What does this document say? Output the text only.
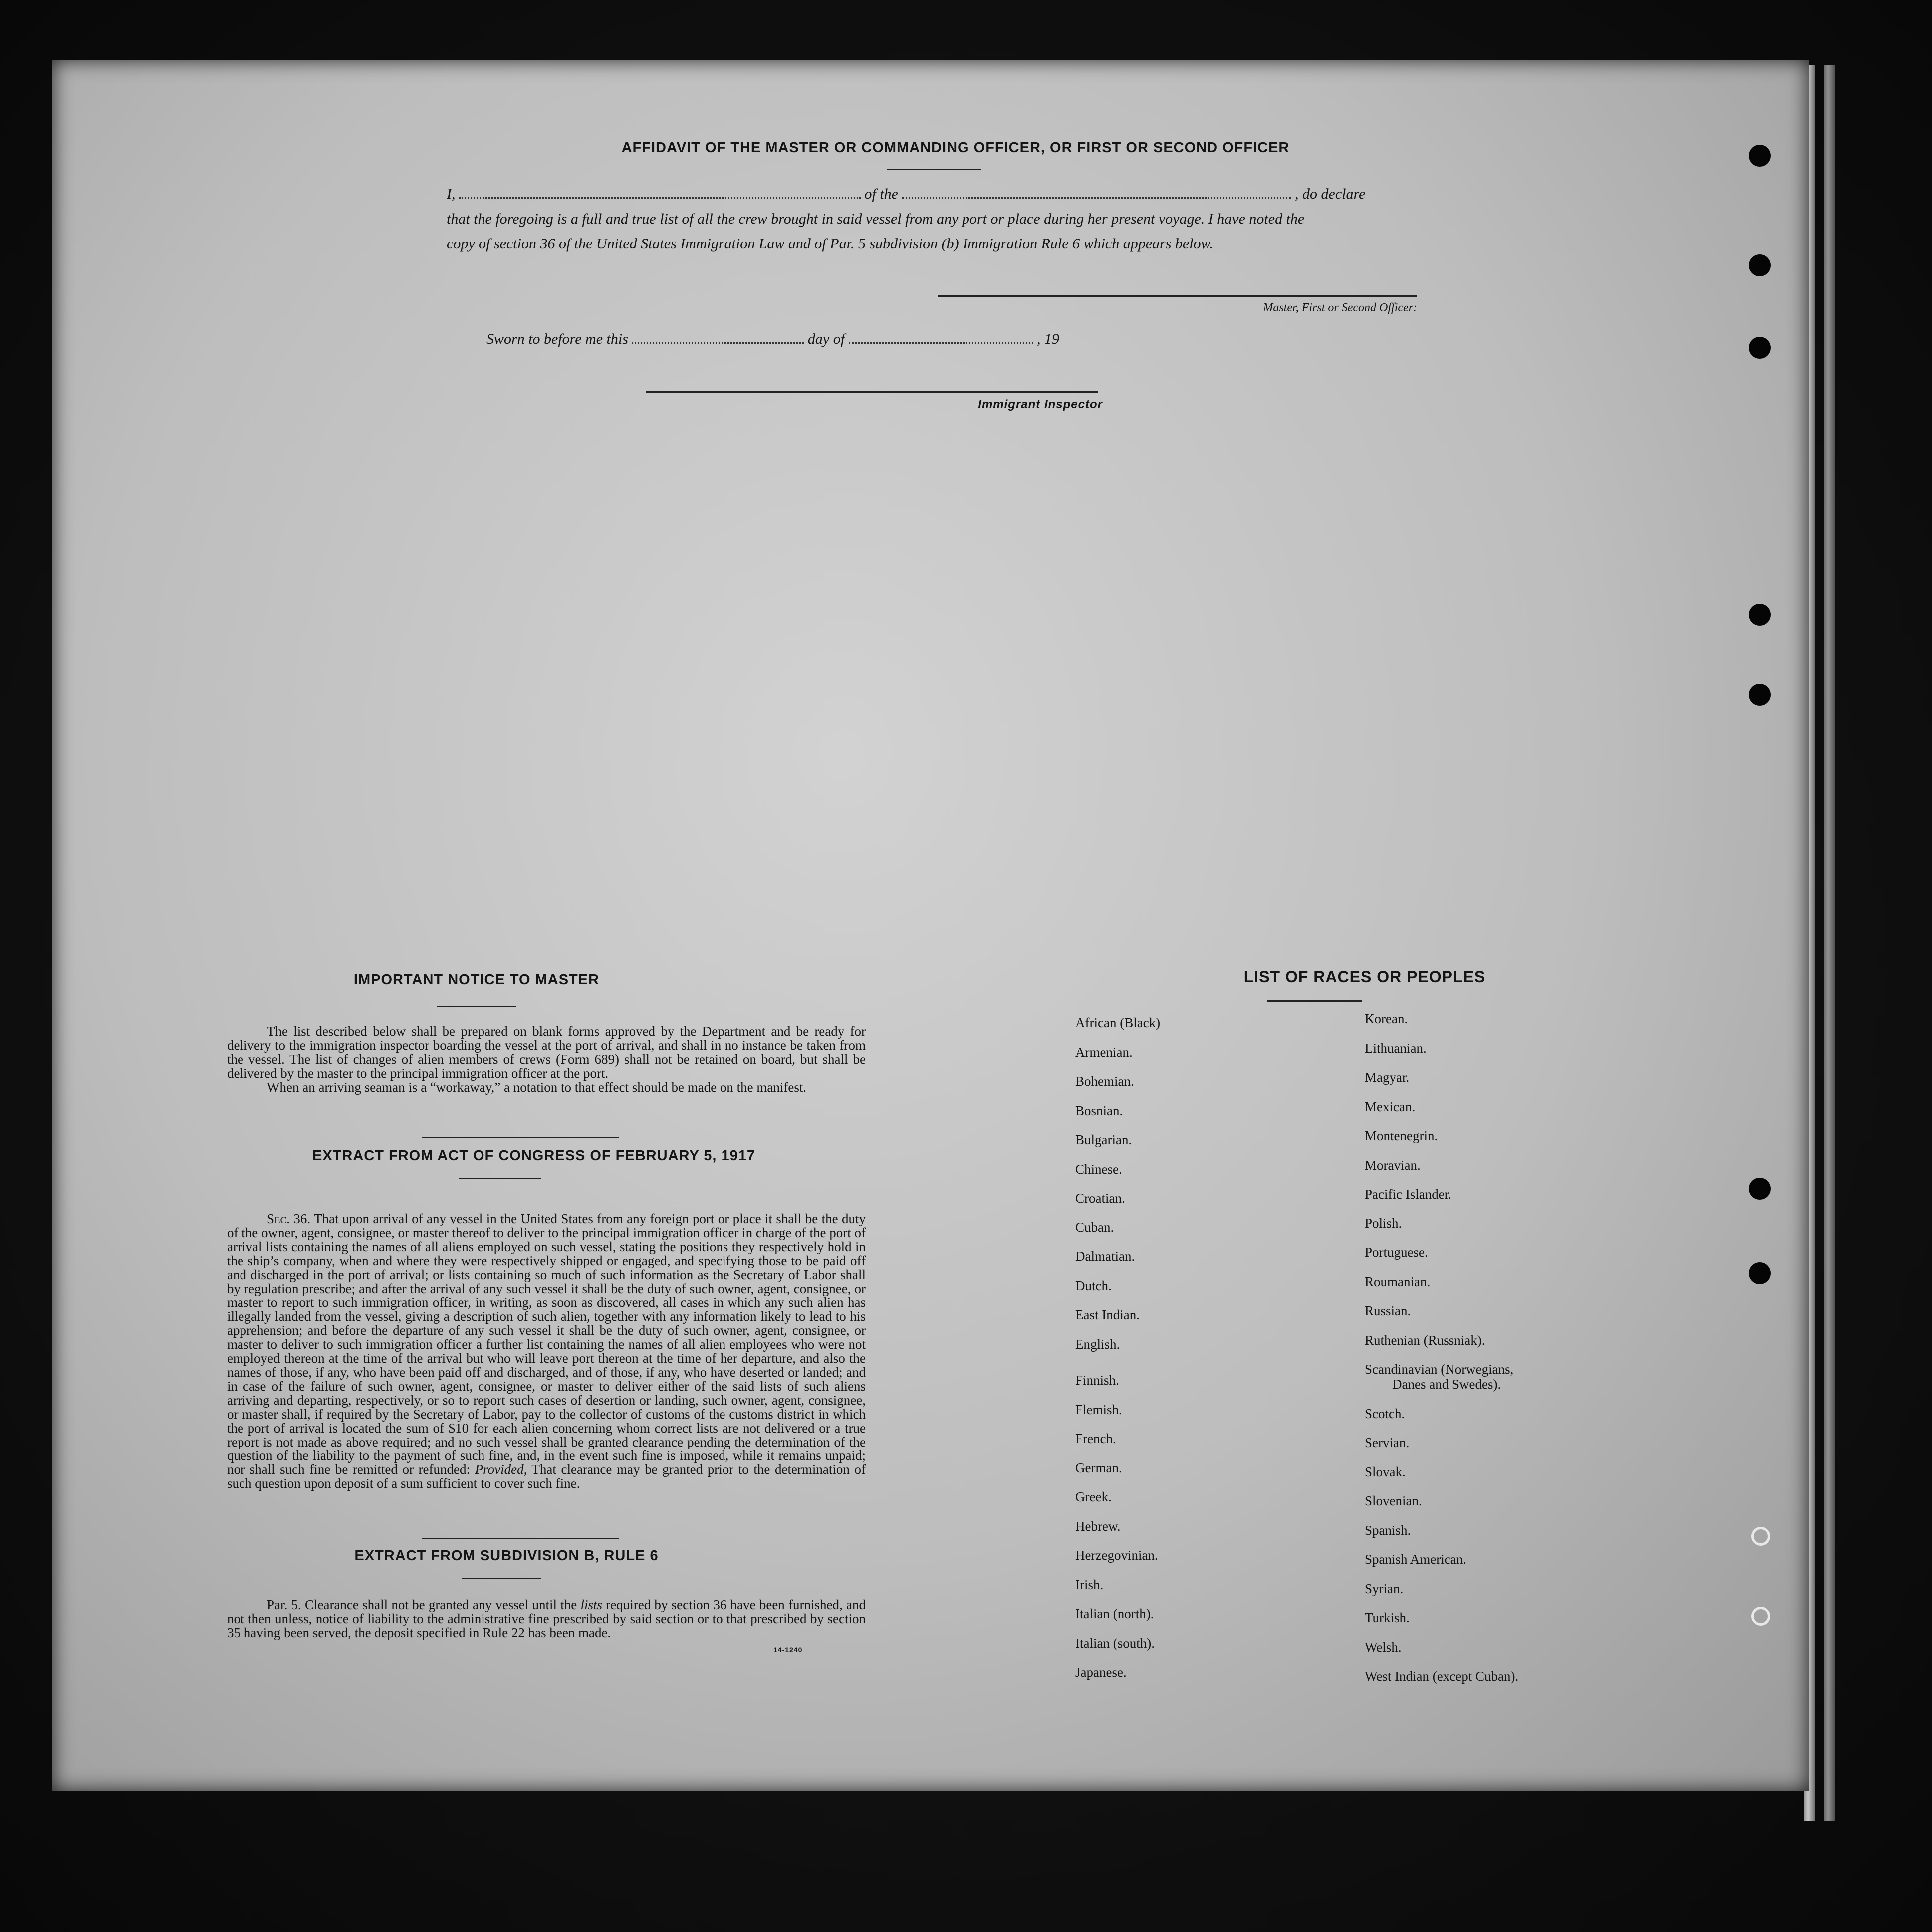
AFFIDAVIT OF THE MASTER OR COMMANDING OFFICER, OR FIRST OR SECOND OFFICER
I,	of the	, do declare
that the foregoing is a full and true list of all the crew brought in said vessel from any port or place during her present voyage. I have noted the
copy of section 36 of the United States Immigration Law and of Par. 5 subdivision (b) Immigration Rule 6 which appears below.
Master, First or Second Officer:
Sworn to before me this	day of	, 19
Immigrant Inspector
IMPORTANT NOTICE TO MASTER
The list described below shall be prepared on blank forms approved by the Department and be ready for delivery to the immigration inspector boarding the vessel at the port of arrival, and shall in no instance be taken from the vessel. The list of changes of alien members of crews (Form 689) shall not be retained on board, but shall be delivered by the master to the principal immigration officer at the port.
When an arriving seaman is a “workaway,” a notation to that effect should be made on the manifest.
EXTRACT FROM ACT OF CONGRESS OF FEBRUARY 5, 1917
Sec. 36. That upon arrival of any vessel in the United States from any foreign port or place it shall be the duty of the owner, agent, consignee, or master thereof to deliver to the principal immigration officer in charge of the port of arrival lists containing the names of all aliens employed on such vessel, stating the positions they respectively hold in the ship’s company, when and where they were respectively shipped or engaged, and specifying those to be paid off and discharged in the port of arrival; or lists containing so much of such information as the Secretary of Labor shall by regulation prescribe; and after the arrival of any such vessel it shall be the duty of such owner, agent, consignee, or master to report to such immigration officer, in writing, as soon as discovered, all cases in which any such alien has illegally landed from the vessel, giving a description of such alien, together with any information likely to lead to his apprehension; and before the departure of any such vessel it shall be the duty of such owner, agent, consignee, or master to deliver to such immigration officer a further list containing the names of all alien employees who were not employed thereon at the time of the arrival but who will leave port thereon at the time of her departure, and also the names of those, if any, who have been paid off and discharged, and of those, if any, who have deserted or landed; and in case of the failure of such owner, agent, consignee, or master to deliver either of the said lists of such aliens arriving and departing, respectively, or so to report such cases of desertion or landing, such owner, agent, consignee, or master shall, if required by the Secretary of Labor, pay to the collector of customs of the customs district in which the port of arrival is located the sum of $10 for each alien concerning whom correct lists are not delivered or a true report is not made as above required; and no such vessel shall be granted clearance pending the determination of the question of the liability to the payment of such fine, and, in the event such fine is imposed, while it remains unpaid; nor shall such fine be remitted or refunded: Provided, That clearance may be granted prior to the determination of such question upon deposit of a sum sufficient to cover such fine.
EXTRACT FROM SUBDIVISION B, RULE 6
Par. 5. Clearance shall not be granted any vessel until the lists required by section 36 have been furnished, and not then unless, notice of liability to the administrative fine prescribed by said section or to that prescribed by section 35 having been served, the deposit specified in Rule 22 has been made.
14-1240
LIST OF RACES OR PEOPLES
African (Black)
Armenian.
Bohemian.
Bosnian.
Bulgarian.
Chinese.
Croatian.
Cuban.
Dalmatian.
Dutch.
East Indian.
English.
Finnish.
Flemish.
French.
German.
Greek.
Hebrew.
Herzegovinian.
Irish.
Italian (north).
Italian (south).
Japanese.
Korean.
Lithuanian.
Magyar.
Mexican.
Montenegrin.
Moravian.
Pacific Islander.
Polish.
Portuguese.
Roumanian.
Russian.
Ruthenian (Russniak).
Scandinavian (Norwegians,
Danes and Swedes).
Scotch.
Servian.
Slovak.
Slovenian.
Spanish.
Spanish American.
Syrian.
Turkish.
Welsh.
West Indian (except Cuban).
